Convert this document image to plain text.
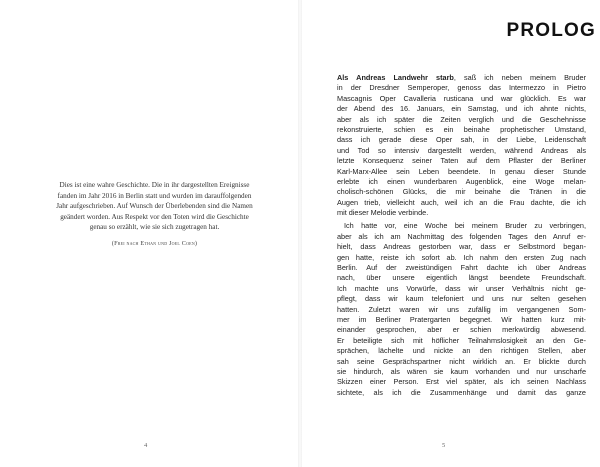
Dies ist eine wahre Geschichte. Die in ihr dargestellten Ereignisse

fanden im Jahr 2016 in Berlin statt und wurden im darauffolgenden

Jahr aufgeschrieben. Auf Wunsch der Überlebenden sind die Namen

geändert worden. Aus Respekt vor den Toten wird die Geschichte

genau so erzählt, wie sie sich zugetragen hat.

(Frei nach Ethan und Joel Coen)
4
PROLOG
Als Andreas Landwehr starb, saß ich neben meinem Bruder
in der Dresdner Semperoper, genoss das Intermezzo in Pietro
Mascagnis Oper Cavalleria rusticana und war glücklich. Es war
der Abend des 16. Januars, ein Samstag, und ich ahnte nichts,
aber als ich später die Zeiten verglich und die Geschehnisse
rekonstruierte, schien es ein beinahe prophetischer Umstand,
dass ich gerade diese Oper sah, in der Liebe, Leidenschaft
und Tod so intensiv dargestellt werden, während Andreas als
letzte Konsequenz seiner Taten auf dem Pflaster der Berliner
Karl-Marx-Allee sein Leben beendete. In genau dieser Stunde
erlebte ich einen wunderbaren Augenblick, eine Woge melan-
cholisch-schönen Glücks, die mir beinahe die Tränen in die
Augen trieb, vielleicht auch, weil ich an die Frau dachte, die ich
mit dieser Melodie verbinde.
Ich hatte vor, eine Woche bei meinem Bruder zu verbringen,
aber als ich am Nachmittag des folgenden Tages den Anruf er-
hielt, dass Andreas gestorben war, dass er Selbstmord began-
gen hatte, reiste ich sofort ab. Ich nahm den ersten Zug nach
Berlin. Auf der zweistündigen Fahrt dachte ich über Andreas
nach, über unsere eigentlich längst beendete Freundschaft.
Ich machte uns Vorwürfe, dass wir unser Verhältnis nicht ge-
pflegt, dass wir kaum telefoniert und uns nur selten gesehen
hatten. Zuletzt waren wir uns zufällig im vergangenen Som-
mer im Berliner Pratergarten begegnet. Wir hatten kurz mit-
einander gesprochen, aber er schien merkwürdig abwesend.
Er beteiligte sich mit höflicher Teilnahmslosigkeit an den Ge-
sprächen, lächelte und nickte an den richtigen Stellen, aber
sah seine Gesprächspartner nicht wirklich an. Er blickte durch
sie hindurch, als wären sie kaum vorhanden und nur unscharfe
Skizzen einer Person. Erst viel später, als ich seinen Nachlass
sichtete, als ich die Zusammenhänge und damit das ganze
5
